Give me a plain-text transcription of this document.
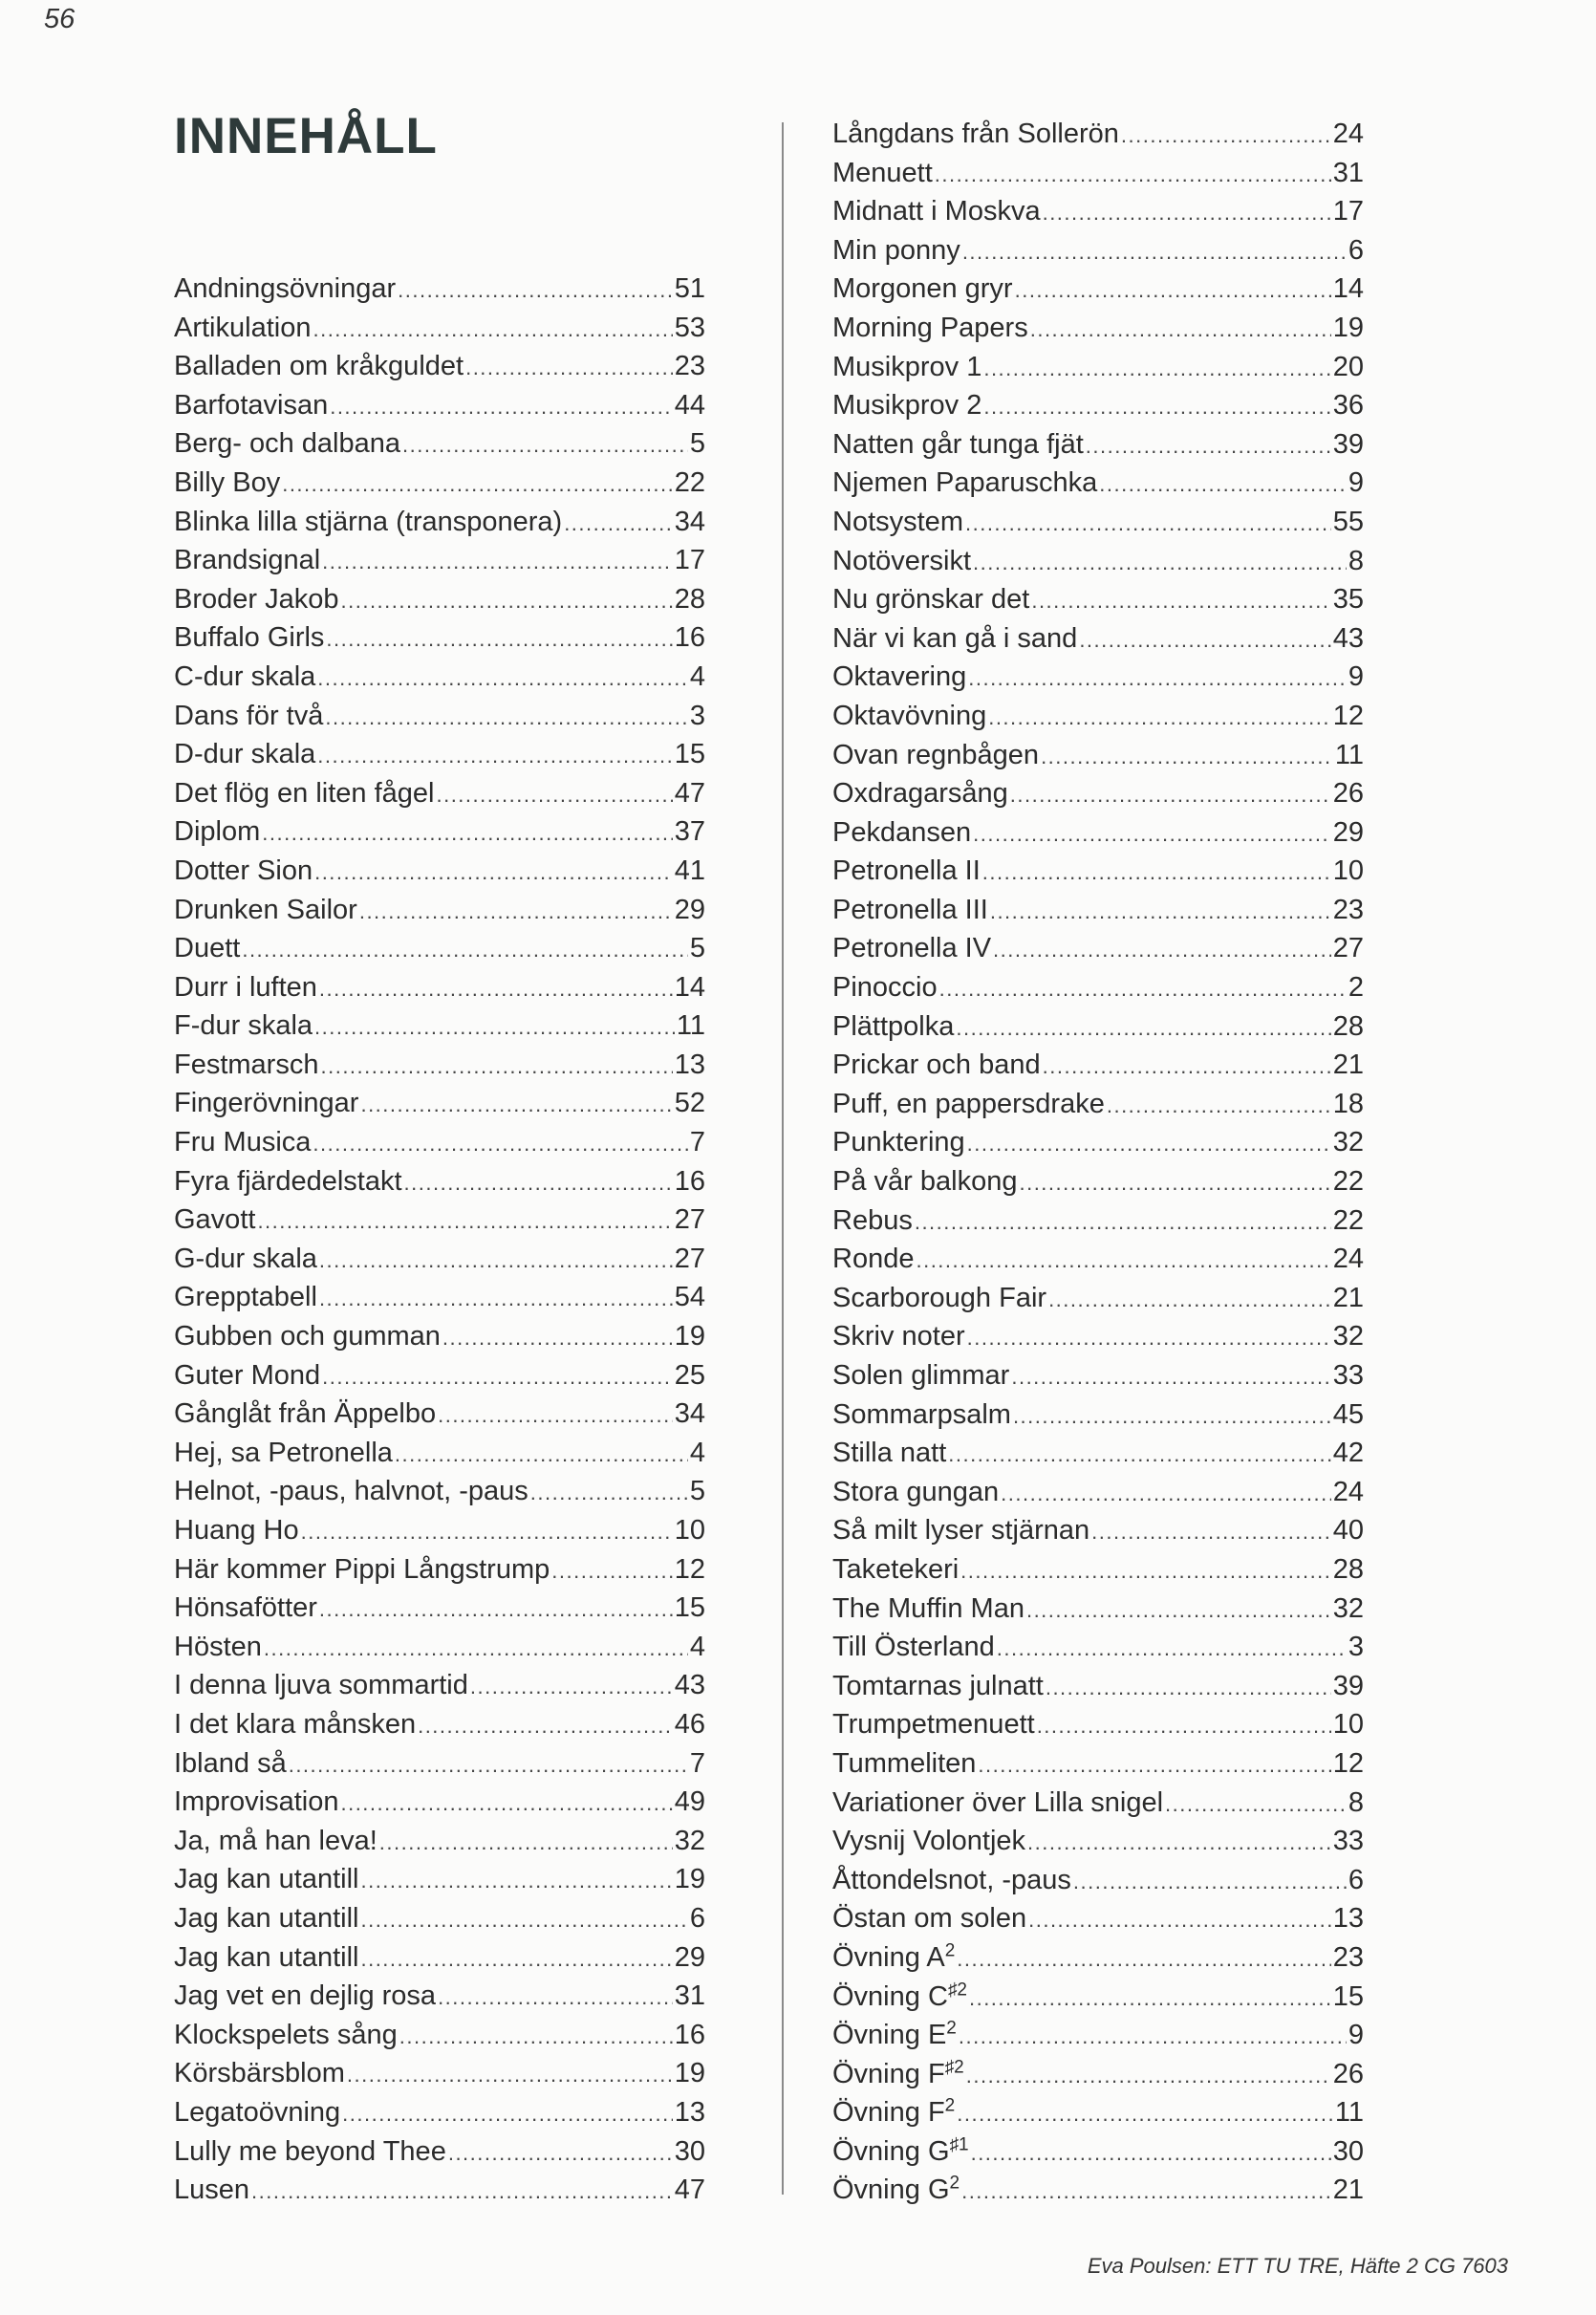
56
INNEHÅLL
Andningsövningar .....	51
Artikulation .....	53
Balladen om kråkguldet .....	23
Barfotavisan .....	44
Berg- och dalbana .....	5
Billy Boy .....	22
Blinka lilla stjärna (transponera) .....	34
Brandsignal .....	17
Broder Jakob .....	28
Buffalo Girls .....	16
C-dur skala .....	4
Dans för två .....	3
D-dur skala .....	15
Det flög en liten fågel .....	47
Diplom .....	37
Dotter Sion .....	41
Drunken Sailor .....	29
Duett .....	5
Durr i luften .....	14
F-dur skala .....	11
Festmarsch .....	13
Fingerövningar .....	52
Fru Musica .....	7
Fyra fjärdedelstakt .....	16
Gavott .....	27
G-dur skala .....	27
Grepptabell .....	54
Gubben och gumman .....	19
Guter Mond .....	25
Gånglåt från Äppelbo .....	34
Hej, sa Petronella .....	4
Helnot, -paus, halvnot, -paus .....	5
Huang Ho .....	10
Här kommer Pippi Långstrump .....	12
Hönsafötter .....	15
Hösten .....	4
I denna ljuva sommartid .....	43
I det klara månsken .....	46
Ibland så .....	7
Improvisation .....	49
Ja, må han leva! .....	32
Jag kan utantill .....	19
Jag kan utantill .....	6
Jag kan utantill .....	29
Jag vet en dejlig rosa .....	31
Klockspelets sång .....	16
Körsbärsblom .....	19
Legatoövning .....	13
Lully me beyond Thee .....	30
Lusen .....	47
Långdans från Sollerön .....	24
Menuett .....	31
Midnatt i Moskva .....	17
Min ponny .....	6
Morgonen gryr .....	14
Morning Papers .....	19
Musikprov 1 .....	20
Musikprov 2 .....	36
Natten går tunga fjät .....	39
Njemen Paparuschka .....	9
Notsystem .....	55
Notöversikt .....	8
Nu grönskar det .....	35
När vi kan gå i sand .....	43
Oktavering .....	9
Oktavövning .....	12
Ovan regnbågen .....	11
Oxdragarsång .....	26
Pekdansen .....	29
Petronella II .....	10
Petronella III .....	23
Petronella IV .....	27
Pinoccio .....	2
Plättpolka .....	28
Prickar och band .....	21
Puff, en pappersdrake .....	18
Punktering .....	32
På vår balkong .....	22
Rebus .....	22
Ronde .....	24
Scarborough Fair .....	21
Skriv noter .....	32
Solen glimmar .....	33
Sommarpsalm .....	45
Stilla natt .....	42
Stora gungan .....	24
Så milt lyser stjärnan .....	40
Taketekeri .....	28
The Muffin Man .....	32
Till Österland .....	3
Tomtarnas julnatt .....	39
Trumpetmenuett .....	10
Tummeliten .....	12
Variationer över Lilla snigel .....	8
Vysnij Volontjek .....	33
Åttondelsnot, -paus .....	6
Östan om solen .....	13
Övning $A^2$ .....	23
Övning $C^{♯2}$ .....	15
Övning $E^2$ .....	9
Övning $F^{♯2}$ .....	26
Övning $F^2$ .....	11
Övning $G^{♯1}$ .....	30
Övning $G^2$ .....	21
Eva Poulsen: ETT TU TRE, Häfte 2 CG 7603
